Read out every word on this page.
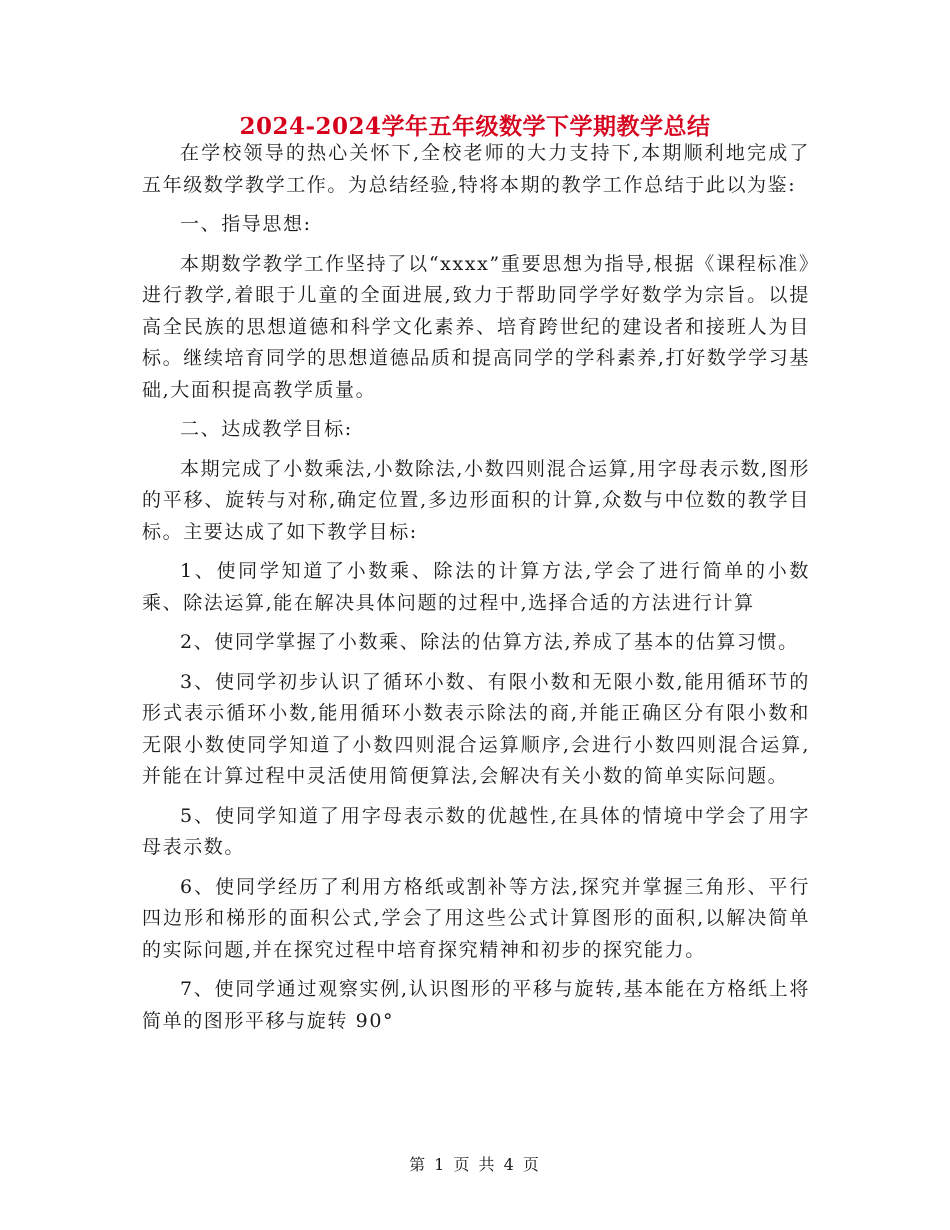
2024-2024学年五年级数学下学期教学总结

在学校领导的热心关怀下,全校老师的大力支持下,本期顺利地完成了五年级数学教学工作。为总结经验,特将本期的教学工作总结于此以为鉴:

一、指导思想:

本期数学教学工作坚持了以“xxxx”重要思想为指导,根据《课程标准》进行教学,着眼于儿童的全面进展,致力于帮助同学学好数学为宗旨。以提高全民族的思想道德和科学文化素养、培育跨世纪的建设者和接班人为目标。继续培育同学的思想道德品质和提高同学的学科素养,打好数学学习基础,大面积提高教学质量。

二、达成教学目标:

本期完成了小数乘法,小数除法,小数四则混合运算,用字母表示数,图形的平移、旋转与对称,确定位置,多边形面积的计算,众数与中位数的教学目标。主要达成了如下教学目标:

1、使同学知道了小数乘、除法的计算方法,学会了进行简单的小数乘、除法运算,能在解决具体问题的过程中,选择合适的方法进行计算

2、使同学掌握了小数乘、除法的估算方法,养成了基本的估算习惯。

3、使同学初步认识了循环小数、有限小数和无限小数,能用循环节的形式表示循环小数,能用循环小数表示除法的商,并能正确区分有限小数和无限小数使同学知道了小数四则混合运算顺序,会进行小数四则混合运算,并能在计算过程中灵活使用简便算法,会解决有关小数的简单实际问题。

5、使同学知道了用字母表示数的优越性,在具体的情境中学会了用字母表示数。

6、使同学经历了利用方格纸或割补等方法,探究并掌握三角形、平行四边形和梯形的面积公式,学会了用这些公式计算图形的面积,以解决简单的实际问题,并在探究过程中培育探究精神和初步的探究能力。

7、使同学通过观察实例,认识图形的平移与旋转,基本能在方格纸上将简单的图形平移与旋转 90°

第 1 页 共 4 页
